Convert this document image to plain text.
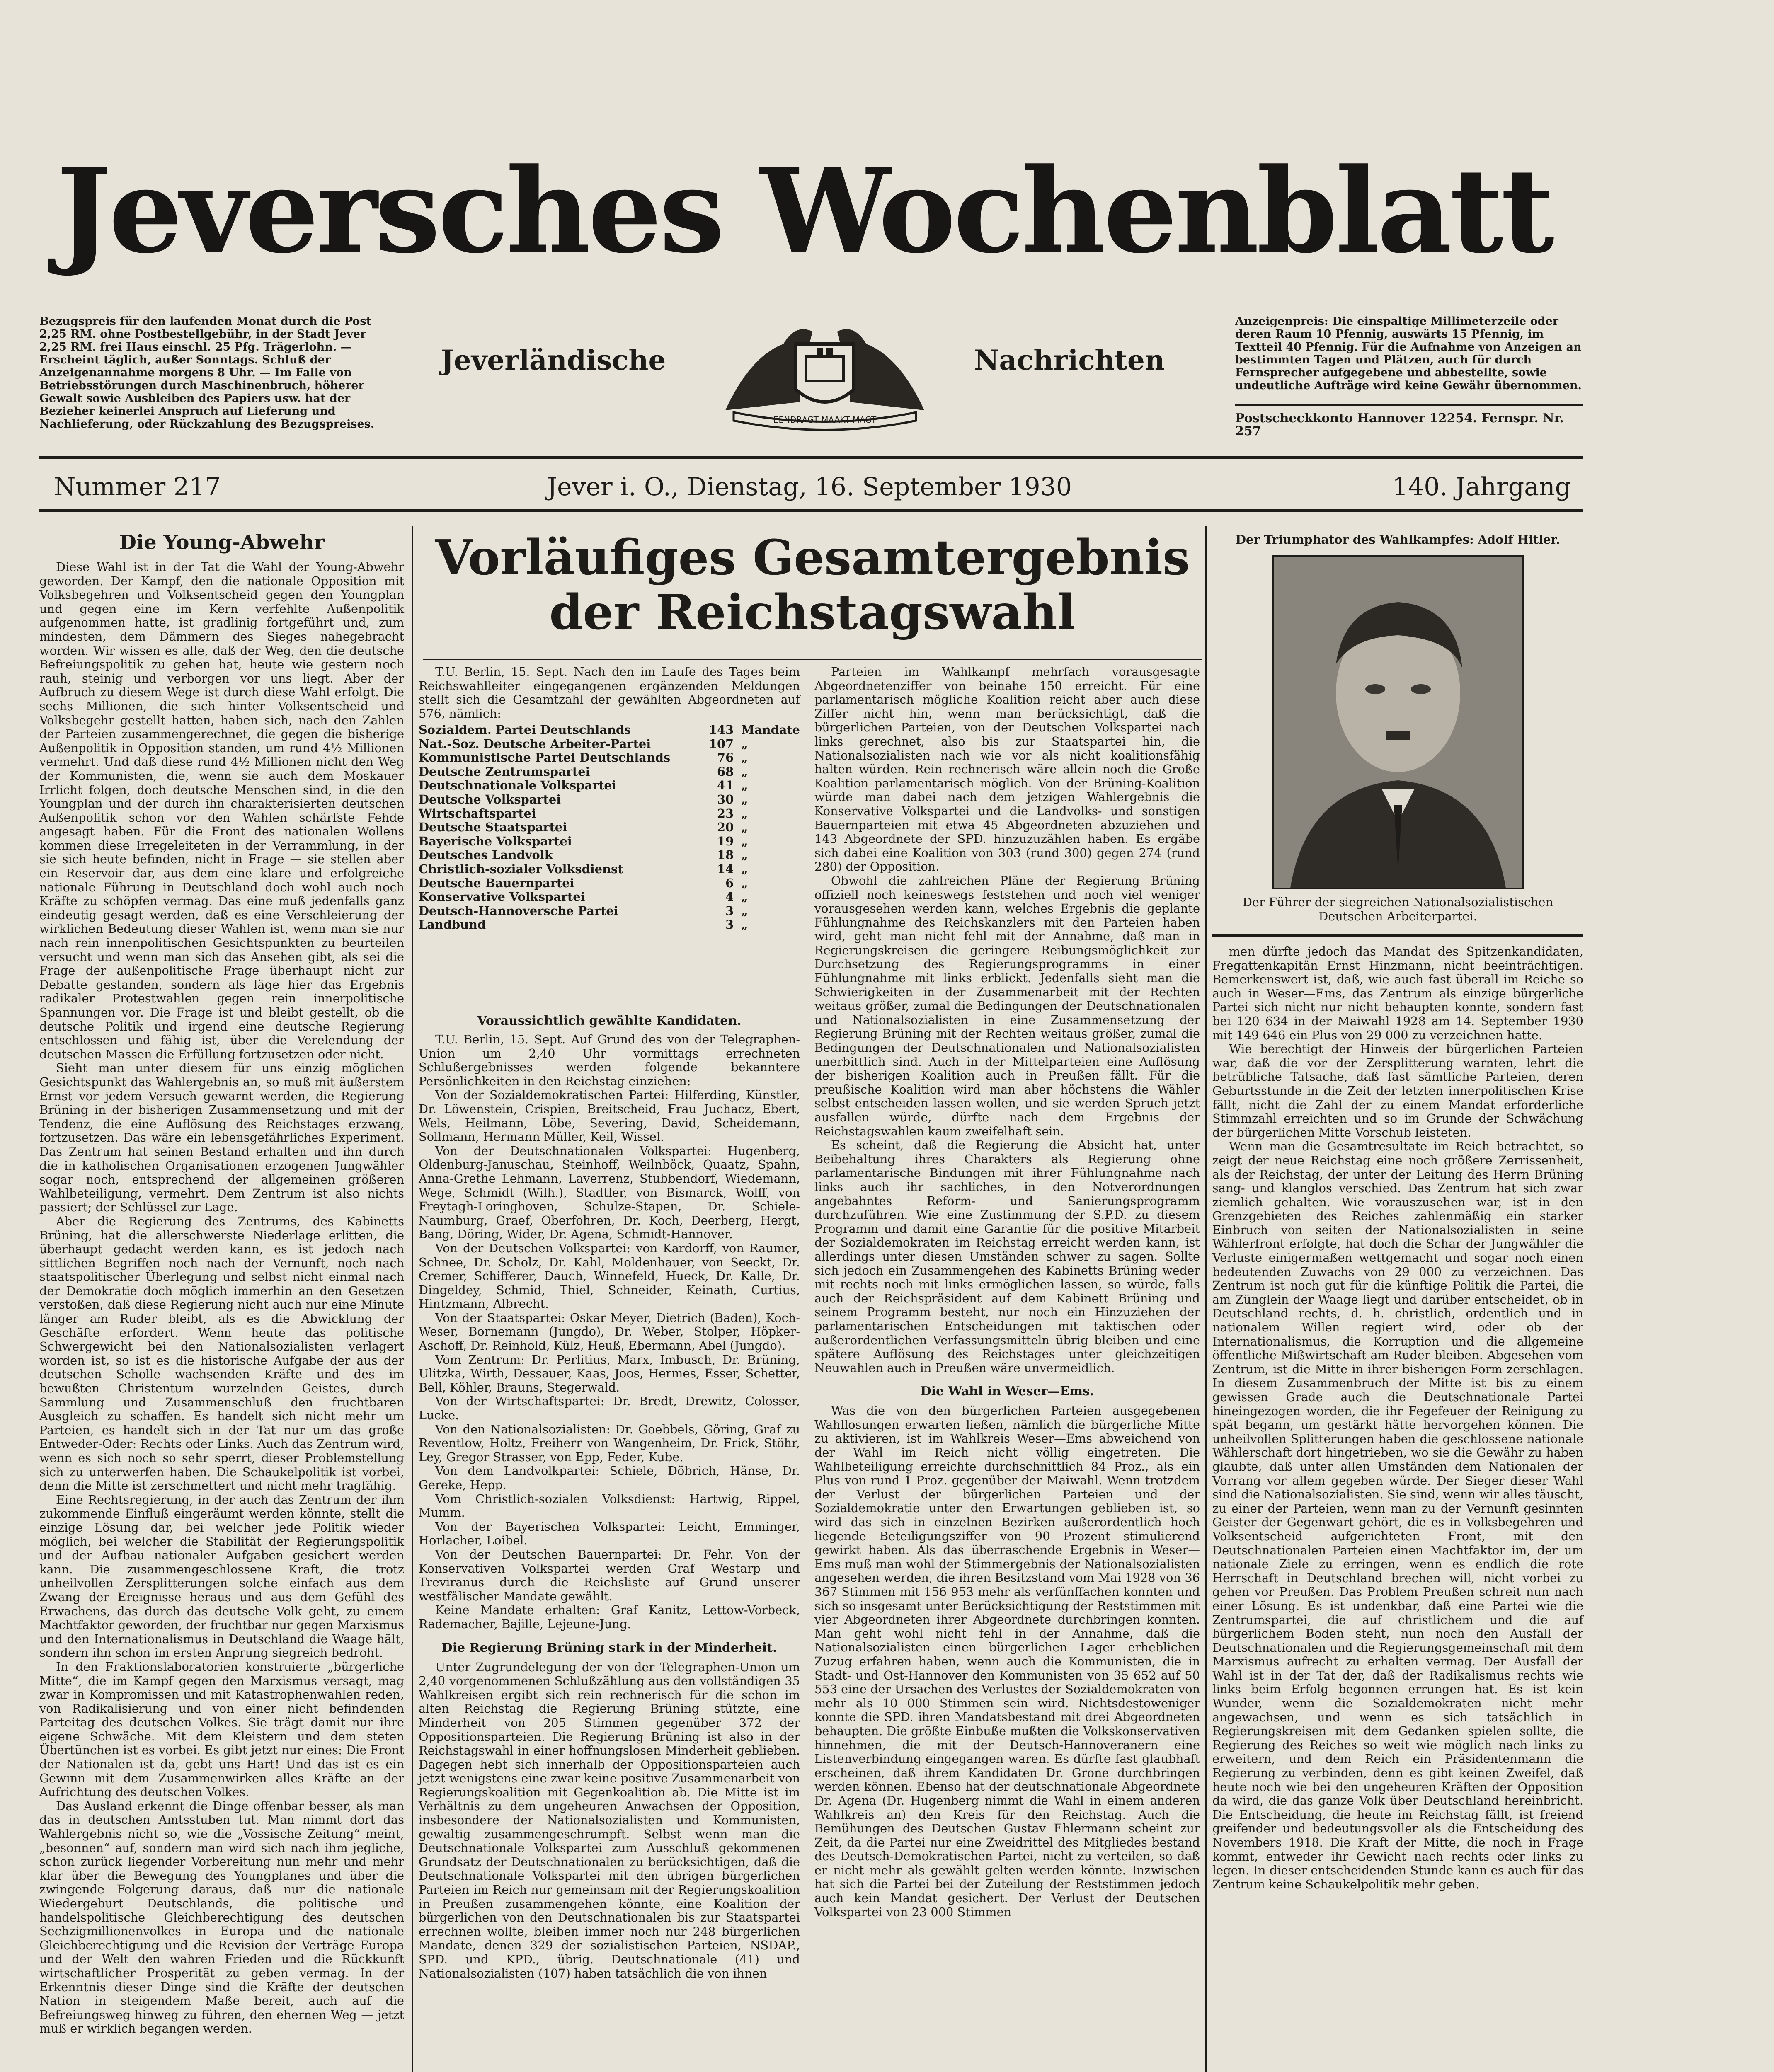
Jeversches Wochenblatt
Bezugspreis für den laufenden Monat durch die Post 2,25 RM. ohne Postbestellgebühr, in der Stadt Jever 2,25 RM. frei Haus einschl. 25 Pfg. Trägerlohn. — Erscheint täglich, außer Sonntags. Schluß der Anzeigenannahme morgens 8 Uhr. — Im Falle von Betriebsstörungen durch Maschinenbruch, höherer Gewalt sowie Ausbleiben des Papiers usw. hat der Bezieher keinerlei Anspruch auf Lieferung und Nachlieferung, oder Rückzahlung des Bezugspreises.
Jeverländische
EENDRAGT MAAKT MAGT
Nachrichten
Anzeigenpreis: Die einspaltige Millimeterzeile oder deren Raum 10 Pfennig, auswärts 15 Pfennig, im Textteil 40 Pfennig. Für die Aufnahme von Anzeigen an bestimmten Tagen und Plätzen, auch für durch Fernsprecher aufgegebene und abbestellte, sowie undeutliche Aufträge wird keine Gewähr übernommen.
Postscheckkonto Hannover 12254. Fernspr. Nr. 257
Nummer 217	Jever i. O., Dienstag, 16. September 1930	140. Jahrgang
Die Young-Abwehr

Diese Wahl ist in der Tat die Wahl der Young-Abwehr geworden. Der Kampf, den die nationale Opposition mit Volksbegehren und Volksentscheid gegen den Youngplan und gegen eine im Kern verfehlte Außenpolitik aufgenommen hatte, ist gradlinig fortgeführt und, zum mindesten, dem Dämmern des Sieges nahegebracht worden. Wir wissen es alle, daß der Weg, den die deutsche Befreiungspolitik zu gehen hat, heute wie gestern noch rauh, steinig und verborgen vor uns liegt. Aber der Aufbruch zu diesem Wege ist durch diese Wahl erfolgt. Die sechs Millionen, die sich hinter Volksentscheid und Volksbegehr gestellt hatten, haben sich, nach den Zahlen der Parteien zusammengerechnet, die gegen die bisherige Außenpolitik in Opposition standen, um rund 4½ Millionen vermehrt. Und daß diese rund 4½ Millionen nicht den Weg der Kommunisten, die, wenn sie auch dem Moskauer Irrlicht folgen, doch deutsche Menschen sind, in die den Youngplan und der durch ihn charakterisierten deutschen Außenpolitik schon vor den Wahlen schärfste Fehde angesagt haben. Für die Front des nationalen Wollens kommen diese Irregeleiteten in der Verrammlung, in der sie sich heute befinden, nicht in Frage — sie stellen aber ein Reservoir dar, aus dem eine klare und erfolgreiche nationale Führung in Deutschland doch wohl auch noch Kräfte zu schöpfen vermag. Das eine muß jedenfalls ganz eindeutig gesagt werden, daß es eine Verschleierung der wirklichen Bedeutung dieser Wahlen ist, wenn man sie nur nach rein innenpolitischen Gesichtspunkten zu beurteilen versucht und wenn man sich das Ansehen gibt, als sei die Frage der außenpolitische Frage überhaupt nicht zur Debatte gestanden, sondern als läge hier das Ergebnis radikaler Protestwahlen gegen rein innerpolitische Spannungen vor. Die Frage ist und bleibt gestellt, ob die deutsche Politik und irgend eine deutsche Regierung entschlossen und fähig ist, über die Verelendung der deutschen Massen die Erfüllung fortzusetzen oder nicht.

Sieht man unter diesem für uns einzig möglichen Gesichtspunkt das Wahlergebnis an, so muß mit äußerstem Ernst vor jedem Versuch gewarnt werden, die Regierung Brüning in der bisherigen Zusammensetzung und mit der Tendenz, die eine Auflösung des Reichstages erzwang, fortzusetzen. Das wäre ein lebensgefährliches Experiment. Das Zentrum hat seinen Bestand erhalten und ihn durch die in katholischen Organisationen erzogenen Jungwähler sogar noch, entsprechend der allgemeinen größeren Wahlbeteiligung, vermehrt. Dem Zentrum ist also nichts passiert; der Schlüssel zur Lage.

Aber die Regierung des Zentrums, des Kabinetts Brüning, hat die allerschwerste Niederlage erlitten, die überhaupt gedacht werden kann, es ist jedoch nach sittlichen Begriffen noch nach der Vernunft, noch nach staatspolitischer Überlegung und selbst nicht einmal nach der Demokratie doch möglich immerhin an den Gesetzen verstoßen, daß diese Regierung nicht auch nur eine Minute länger am Ruder bleibt, als es die Abwicklung der Geschäfte erfordert. Wenn heute das politische Schwergewicht bei den Nationalsozialisten verlagert worden ist, so ist es die historische Aufgabe der aus der deutschen Scholle wachsenden Kräfte und des im bewußten Christentum wurzelnden Geistes, durch Sammlung und Zusammenschluß den fruchtbaren Ausgleich zu schaffen. Es handelt sich nicht mehr um Parteien, es handelt sich in der Tat nur um das große Entweder-Oder: Rechts oder Links. Auch das Zentrum wird, wenn es sich noch so sehr sperrt, dieser Problemstellung sich zu unterwerfen haben. Die Schaukelpolitik ist vorbei, denn die Mitte ist zerschmettert und nicht mehr tragfähig.

Eine Rechtsregierung, in der auch das Zentrum der ihm zukommende Einfluß eingeräumt werden könnte, stellt die einzige Lösung dar, bei welcher jede Politik wieder möglich, bei welcher die Stabilität der Regierungspolitik und der Aufbau nationaler Aufgaben gesichert werden kann. Die zusammengeschlossene Kraft, die trotz unheilvollen Zersplitterungen solche einfach aus dem Zwang der Ereignisse heraus und aus dem Gefühl des Erwachens, das durch das deutsche Volk geht, zu einem Machtfaktor geworden, der fruchtbar nur gegen Marxismus und den Internationalismus in Deutschland die Waage hält, sondern ihn schon im ersten Anprung siegreich bedroht.

In den Fraktionslaboratorien konstruierte „bürgerliche Mitte“, die im Kampf gegen den Marxismus versagt, mag zwar in Kompromissen und mit Katastrophenwahlen reden, von Radikalisierung und von einer nicht befindenden Parteitag des deutschen Volkes. Sie trägt damit nur ihre eigene Schwäche. Mit dem Kleistern und dem steten Übertünchen ist es vorbei. Es gibt jetzt nur eines: Die Front der Nationalen ist da, gebt uns Hart! Und das ist es ein Gewinn mit dem Zusammenwirken alles Kräfte an der Aufrichtung des deutschen Volkes.

Das Ausland erkennt die Dinge offenbar besser, als man das in deutschen Amtsstuben tut. Man nimmt dort das Wahlergebnis nicht so, wie die „Vossische Zeitung“ meint, „besonnen“ auf, sondern man wird sich nach ihm jegliche, schon zurück liegender Vorbereitung nun mehr und mehr klar über die Bewegung des Youngplanes und über die zwingende Folgerung daraus, daß nur die nationale Wiedergeburt Deutschlands, die politische und handelspolitische Gleichberechtigung des deutschen Sechzigmillionenvolkes in Europa und die nationale Gleichberechtigung und die Revision der Verträge Europa und der Welt den wahren Frieden und die Rückkunft wirtschaftlicher Prosperität zu geben vermag. In der Erkenntnis dieser Dinge sind die Kräfte der deutschen Nation in steigendem Maße bereit, auch auf die Befreiungsweg hinweg zu führen, den ehernen Weg — jetzt muß er wirklich begangen werden.

Vorläufiges Gesamtergebnis
der Reichstagswahl

T.U. Berlin, 15. Sept. Nach den im Laufe des Tages beim Reichswahlleiter eingegangenen ergänzenden Meldungen stellt sich die Gesamtzahl der gewählten Abgeordneten auf 576, nämlich:

Sozialdem. Partei Deutschlands	143	Mandate
Nat.-Soz. Deutsche Arbeiter-Partei	107	„
Kommunistische Partei Deutschlands	76	„
Deutsche Zentrumspartei	68	„
Deutschnationale Volkspartei	41	„
Deutsche Volkspartei	30	„
Wirtschaftspartei	23	„
Deutsche Staatspartei	20	„
Bayerische Volkspartei	19	„
Deutsches Landvolk	18	„
Christlich-sozialer Volksdienst	14	„
Deutsche Bauernpartei	6	„
Konservative Volkspartei	4	„
Deutsch-Hannoversche Partei	3	„
Landbund	3	„
Voraussichtlich gewählte Kandidaten.

T.U. Berlin, 15. Sept. Auf Grund des von der Telegraphen-Union um 2,40 Uhr vormittags errechneten Schlußergebnisses werden folgende bekanntere Persönlichkeiten in den Reichstag einziehen:

Von der Sozialdemokratischen Partei: Hilferding, Künstler, Dr. Löwenstein, Crispien, Breitscheid, Frau Juchacz, Ebert, Wels, Heilmann, Löbe, Severing, David, Scheidemann, Sollmann, Hermann Müller, Keil, Wissel.

Von der Deutschnationalen Volkspartei: Hugenberg, Oldenburg-Januschau, Steinhoff, Weilnböck, Quaatz, Spahn, Anna-Grethe Lehmann, Laverrenz, Stubbendorf, Wiedemann, Wege, Schmidt (Wilh.), Stadtler, von Bismarck, Wolff, von Freytagh-Loringhoven, Schulze-Stapen, Dr. Schiele-Naumburg, Graef, Oberfohren, Dr. Koch, Deerberg, Hergt, Bang, Döring, Wider, Dr. Agena, Schmidt-Hannover.

Von der Deutschen Volkspartei: von Kardorff, von Raumer, Schnee, Dr. Scholz, Dr. Kahl, Moldenhauer, von Seeckt, Dr. Cremer, Schifferer, Dauch, Winnefeld, Hueck, Dr. Kalle, Dr. Dingeldey, Schmid, Thiel, Schneider, Keinath, Curtius, Hintzmann, Albrecht.

Von der Staatspartei: Oskar Meyer, Dietrich (Baden), Koch-Weser, Bornemann (Jungdo), Dr. Weber, Stolper, Höpker-Aschoff, Dr. Reinhold, Külz, Heuß, Ebermann, Abel (Jungdo).

Vom Zentrum: Dr. Perlitius, Marx, Imbusch, Dr. Brüning, Ulitzka, Wirth, Dessauer, Kaas, Joos, Hermes, Esser, Schetter, Bell, Köhler, Brauns, Stegerwald.

Von der Wirtschaftspartei: Dr. Bredt, Drewitz, Colosser, Lucke.

Von den Nationalsozialisten: Dr. Goebbels, Göring, Graf zu Reventlow, Holtz, Freiherr von Wangenheim, Dr. Frick, Stöhr, Ley, Gregor Strasser, von Epp, Feder, Kube.

Von dem Landvolkpartei: Schiele, Döbrich, Hänse, Dr. Gereke, Hepp.

Vom Christlich-sozialen Volksdienst: Hartwig, Rippel, Mumm.

Von der Bayerischen Volkspartei: Leicht, Emminger, Horlacher, Loibel.

Von der Deutschen Bauernpartei: Dr. Fehr. Von der Konservativen Volkspartei werden Graf Westarp und Treviranus durch die Reichsliste auf Grund unserer westfälischer Mandate gewählt.

Keine Mandate erhalten: Graf Kanitz, Lettow-Vorbeck, Rademacher, Bajille, Lejeune-Jung.

Die Regierung Brüning stark in der Minderheit.

Unter Zugrundelegung der von der Telegraphen-Union um 2,40 vorgenommenen Schlußzählung aus den vollständigen 35 Wahlkreisen ergibt sich rein rechnerisch für die schon im alten Reichstag die Regierung Brüning stützte, eine Minderheit von 205 Stimmen gegenüber 372 der Oppositionsparteien. Die Regierung Brüning ist also in der Reichstagswahl in einer hoffnungslosen Minderheit geblieben. Dagegen hebt sich innerhalb der Oppositionsparteien auch jetzt wenigstens eine zwar keine positive Zusammenarbeit von Regierungskoalition mit Gegenkoalition ab. Die Mitte ist im Verhältnis zu dem ungeheuren Anwachsen der Opposition, insbesondere der Nationalsozialisten und Kommunisten, gewaltig zusammengeschrumpft. Selbst wenn man die Deutschnationale Volkspartei zum Ausschluß gekommenen Grundsatz der Deutschnationalen zu berücksichtigen, daß die Deutschnationale Volkspartei mit den übrigen bürgerlichen Parteien im Reich nur gemeinsam mit der Regierungskoalition in Preußen zusammengehen könnte, eine Koalition der bürgerlichen von den Deutschnationalen bis zur Staatspartei errechnen wollte, bleiben immer noch nur 248 bürgerlichen Mandate, denen 329 der sozialistischen Parteien, NSDAP., SPD. und KPD., übrig. Deutschnationale (41) und Nationalsozialisten (107) haben tatsächlich die von ihnen

Parteien im Wahlkampf mehrfach vorausgesagte Abgeordnetenziffer von beinahe 150 erreicht. Für eine parlamentarisch mögliche Koalition reicht aber auch diese Ziffer nicht hin, wenn man berücksichtigt, daß die bürgerlichen Parteien, von der Deutschen Volkspartei nach links gerechnet, also bis zur Staatspartei hin, die Nationalsozialisten nach wie vor als nicht koalitionsfähig halten würden. Rein rechnerisch wäre allein noch die Große Koalition parlamentarisch möglich. Von der Brüning-Koalition würde man dabei nach dem jetzigen Wahlergebnis die Konservative Volkspartei und die Landvolks- und sonstigen Bauernparteien mit etwa 45 Abgeordneten abzuziehen und 143 Abgeordnete der SPD. hinzuzuzählen haben. Es ergäbe sich dabei eine Koalition von 303 (rund 300) gegen 274 (rund 280) der Opposition.

Obwohl die zahlreichen Pläne der Regierung Brüning offiziell noch keineswegs feststehen und noch viel weniger vorausgesehen werden kann, welches Ergebnis die geplante Fühlungnahme des Reichskanzlers mit den Parteien haben wird, geht man nicht fehl mit der Annahme, daß man in Regierungskreisen die geringere Reibungsmöglichkeit zur Durchsetzung des Regierungsprogramms in einer Fühlungnahme mit links erblickt. Jedenfalls sieht man die Schwierigkeiten in der Zusammenarbeit mit der Rechten weitaus größer, zumal die Bedingungen der Deutschnationalen und Nationalsozialisten in eine Zusammensetzung der Regierung Brüning mit der Rechten weitaus größer, zumal die Bedingungen der Deutschnationalen und Nationalsozialisten unerbittlich sind. Auch in der Mittelparteien eine Auflösung der bisherigen Koalition auch in Preußen fällt. Für die preußische Koalition wird man aber höchstens die Wähler selbst entscheiden lassen wollen, und sie werden Spruch jetzt ausfallen würde, dürfte nach dem Ergebnis der Reichstagswahlen kaum zweifelhaft sein.

Es scheint, daß die Regierung die Absicht hat, unter Beibehaltung ihres Charakters als Regierung ohne parlamentarische Bindungen mit ihrer Fühlungnahme nach links auch ihr sachliches, in den Notverordnungen angebahntes Reform- und Sanierungsprogramm durchzuführen. Wie eine Zustimmung der S.P.D. zu diesem Programm und damit eine Garantie für die positive Mitarbeit der Sozialdemokraten im Reichstag erreicht werden kann, ist allerdings unter diesen Umständen schwer zu sagen. Sollte sich jedoch ein Zusammengehen des Kabinetts Brüning weder mit rechts noch mit links ermöglichen lassen, so würde, falls auch der Reichspräsident auf dem Kabinett Brüning und seinem Programm besteht, nur noch ein Hinzuziehen der parlamentarischen Entscheidungen mit taktischen oder außerordentlichen Verfassungsmitteln übrig bleiben und eine spätere Auflösung des Reichstages unter gleichzeitigen Neuwahlen auch in Preußen wäre unvermeidlich.

Die Wahl in Weser—Ems.

Was die von den bürgerlichen Parteien ausgegebenen Wahllosungen erwarten ließen, nämlich die bürgerliche Mitte zu aktivieren, ist im Wahlkreis Weser—Ems abweichend von der Wahl im Reich nicht völlig eingetreten. Die Wahlbeteiligung erreichte durchschnittlich 84 Proz., als ein Plus von rund 1 Proz. gegenüber der Maiwahl. Wenn trotzdem der Verlust der bürgerlichen Parteien und der Sozialdemokratie unter den Erwartungen geblieben ist, so wird das sich in einzelnen Bezirken außerordentlich hoch liegende Beteiligungsziffer von 90 Prozent stimulierend gewirkt haben. Als das überraschende Ergebnis in Weser—Ems muß man wohl der Stimmergebnis der Nationalsozialisten angesehen werden, die ihren Besitzstand vom Mai 1928 von 36 367 Stimmen mit 156 953 mehr als verfünffachen konnten und sich so insgesamt unter Berücksichtigung der Reststimmen mit vier Abgeordneten ihrer Abgeordnete durchbringen konnten. Man geht wohl nicht fehl in der Annahme, daß die Nationalsozialisten einen bürgerlichen Lager erheblichen Zuzug erfahren haben, wenn auch die Kommunisten, die in Stadt- und Ost-Hannover den Kommunisten von 35 652 auf 50 553 eine der Ursachen des Verlustes der Sozialdemokraten von mehr als 10 000 Stimmen sein wird. Nichtsdestoweniger konnte die SPD. ihren Mandatsbestand mit drei Abgeordneten behaupten. Die größte Einbuße mußten die Volkskonservativen hinnehmen, die mit der Deutsch-Hannoveranern eine Listenverbindung eingegangen waren. Es dürfte fast glaubhaft erscheinen, daß ihrem Kandidaten Dr. Grone durchbringen werden können. Ebenso hat der deutschnationale Abgeordnete Dr. Agena (Dr. Hugenberg nimmt die Wahl in einem anderen Wahlkreis an) den Kreis für den Reichstag. Auch die Bemühungen des Deutschen Gustav Ehlermann scheint zur Zeit, da die Partei nur eine Zweidrittel des Mitgliedes bestand des Deutsch-Demokratischen Partei, nicht zu verteilen, so daß er nicht mehr als gewählt gelten werden könnte. Inzwischen hat sich die Partei bei der Zuteilung der Reststimmen jedoch auch kein Mandat gesichert. Der Verlust der Deutschen Volkspartei von 23 000 Stimmen

Der Triumphator des Wahlkampfes: Adolf Hitler.
Der Führer der siegreichen Nationalsozialistischen Deutschen Arbeiterpartei.

men dürfte jedoch das Mandat des Spitzenkandidaten, Fregattenkapitän Ernst Hinzmann, nicht beeinträchtigen. Bemerkenswert ist, daß, wie auch fast überall im Reiche so auch in Weser—Ems, das Zentrum als einzige bürgerliche Partei sich nicht nur nicht behaupten konnte, sondern fast bei 120 634 in der Maiwahl 1928 am 14. September 1930 mit 149 646 ein Plus von 29 000 zu verzeichnen hatte.

Wie berechtigt der Hinweis der bürgerlichen Parteien war, daß die vor der Zersplitterung warnten, lehrt die betrübliche Tatsache, daß fast sämtliche Parteien, deren Geburtsstunde in die Zeit der letzten innerpolitischen Krise fällt, nicht die Zahl der zu einem Mandat erforderliche Stimmzahl erreichten und so im Grunde der Schwächung der bürgerlichen Mitte Vorschub leisteten.

Wenn man die Gesamtresultate im Reich betrachtet, so zeigt der neue Reichstag eine noch größere Zerrissenheit, als der Reichstag, der unter der Leitung des Herrn Brüning sang- und klanglos verschied. Das Zentrum hat sich zwar ziemlich gehalten. Wie vorauszusehen war, ist in den Grenzgebieten des Reiches zahlenmäßig ein starker Einbruch von seiten der Nationalsozialisten in seine Wählerfront erfolgte, hat doch die Schar der Jungwähler die Verluste einigermaßen wettgemacht und sogar noch einen bedeutenden Zuwachs von 29 000 zu verzeichnen. Das Zentrum ist noch gut für die künftige Politik die Partei, die am Zünglein der Waage liegt und darüber entscheidet, ob in Deutschland rechts, d. h. christlich, ordentlich und in nationalem Willen regiert wird, oder ob der Internationalismus, die Korruption und die allgemeine öffentliche Mißwirtschaft am Ruder bleiben. Abgesehen vom Zentrum, ist die Mitte in ihrer bisherigen Form zerschlagen. In diesem Zusammenbruch der Mitte ist bis zu einem gewissen Grade auch die Deutschnationale Partei hineingezogen worden, die ihr Fegefeuer der Reinigung zu spät begann, um gestärkt hätte hervorgehen können. Die unheilvollen Splitterungen haben die geschlossene nationale Wählerschaft dort hingetrieben, wo sie die Gewähr zu haben glaubte, daß unter allen Umständen dem Nationalen der Vorrang vor allem gegeben würde. Der Sieger dieser Wahl sind die Nationalsozialisten. Sie sind, wenn wir alles täuscht, zu einer der Parteien, wenn man zu der Vernunft gesinnten Geister der Gegenwart gehört, die es in Volksbegehren und Volksentscheid aufgerichteten Front, mit den Deutschnationalen Parteien einen Machtfaktor im, der um nationale Ziele zu erringen, wenn es endlich die rote Herrschaft in Deutschland brechen will, nicht vorbei zu gehen vor Preußen. Das Problem Preußen schreit nun nach einer Lösung. Es ist undenkbar, daß eine Partei wie die Zentrumspartei, die auf christlichem und die auf bürgerlichem Boden steht, nun noch den Ausfall der Deutschnationalen und die Regierungsgemeinschaft mit dem Marxismus aufrecht zu erhalten vermag. Der Ausfall der Wahl ist in der Tat der, daß der Radikalismus rechts wie links beim Erfolg begonnen errungen hat. Es ist kein Wunder, wenn die Sozialdemokraten nicht mehr angewachsen, und wenn es sich tatsächlich in Regierungskreisen mit dem Gedanken spielen sollte, die Regierung des Reiches so weit wie möglich nach links zu erweitern, und dem Reich ein Präsidentenmann die Regierung zu verbinden, denn es gibt keinen Zweifel, daß heute noch wie bei den ungeheuren Kräften der Opposition da wird, die das ganze Volk über Deutschland hereinbricht. Die Entscheidung, die heute im Reichstag fällt, ist freiend greifender und bedeutungsvoller als die Entscheidung des Novembers 1918. Die Kraft der Mitte, die noch in Frage kommt, entweder ihr Gewicht nach rechts oder links zu legen. In dieser entscheidenden Stunde kann es auch für das Zentrum keine Schaukelpolitik mehr geben.
